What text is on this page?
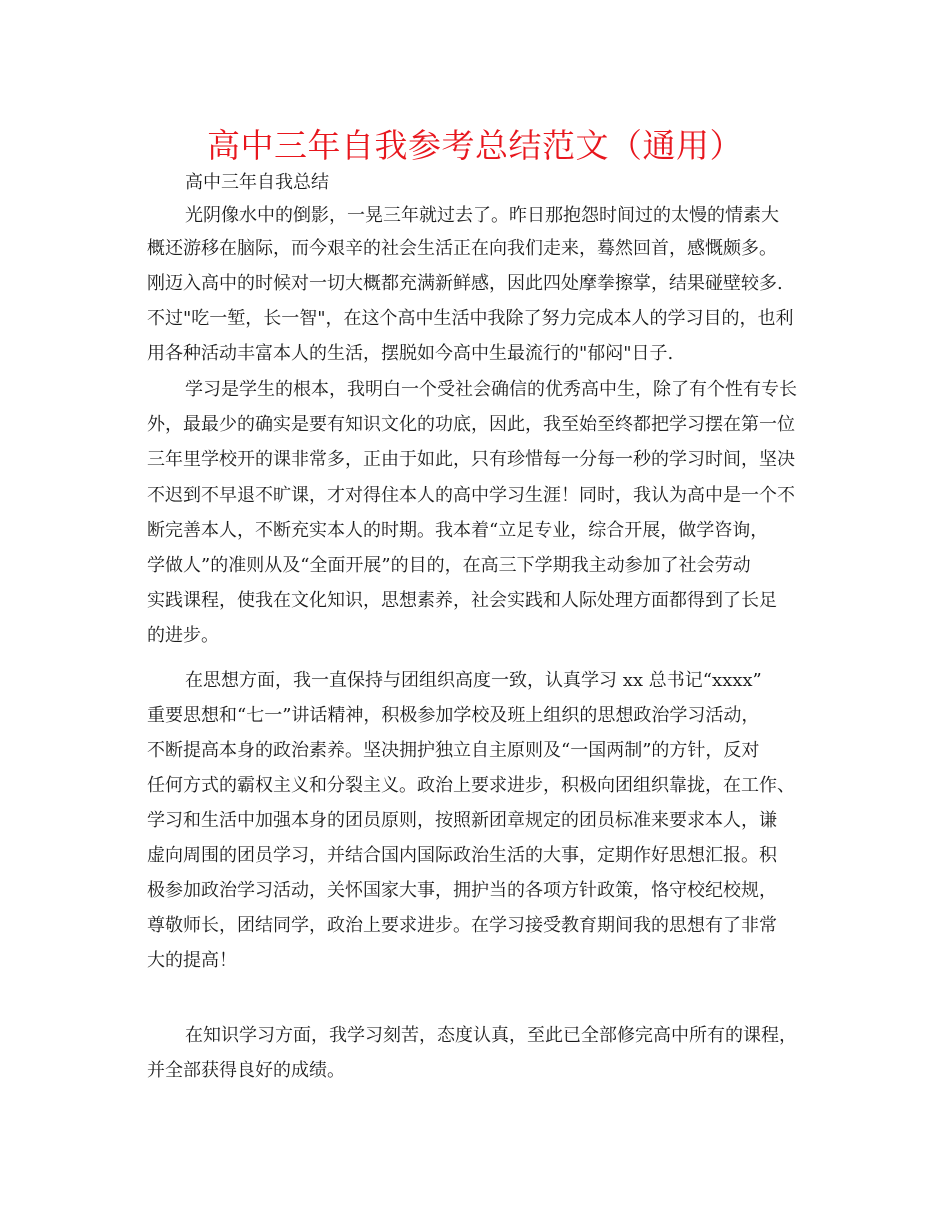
高中三年自我参考总结范文（通用）
高中三年自我总结
光阴像水中的倒影，一晃三年就过去了。昨日那抱怨时间过的太慢的情素大
概还游移在脑际，而今艰辛的社会生活正在向我们走来，蓦然回首，感慨颇多。
刚迈入高中的时候对一切大概都充满新鲜感，因此四处摩拳擦掌，结果碰壁较多.
不过"吃一堑，长一智"，在这个高中生活中我除了努力完成本人的学习目的，也利
用各种活动丰富本人的生活，摆脱如今高中生最流行的"郁闷"日子.
学习是学生的根本，我明白一个受社会确信的优秀高中生，除了有个性有专长
外，最最少的确实是要有知识文化的功底，因此，我至始至终都把学习摆在第一位
三年里学校开的课非常多，正由于如此，只有珍惜每一分每一秒的学习时间，坚决
不迟到不早退不旷课，才对得住本人的高中学习生涯！同时，我认为高中是一个不
断完善本人，不断充实本人的时期。我本着“立足专业，综合开展，做学咨询，
学做人”的准则从及“全面开展”的目的，在高三下学期我主动参加了社会劳动
实践课程，使我在文化知识，思想素养，社会实践和人际处理方面都得到了长足
的进步。
在思想方面，我一直保持与团组织高度一致，认真学习 xx 总书记“xxxx”
重要思想和“七一”讲话精神，积极参加学校及班上组织的思想政治学习活动，
不断提高本身的政治素养。坚决拥护独立自主原则及“一国两制”的方针，反对
任何方式的霸权主义和分裂主义。政治上要求进步，积极向团组织靠拢，在工作、
学习和生活中加强本身的团员原则，按照新团章规定的团员标准来要求本人，谦
虚向周围的团员学习，并结合国内国际政治生活的大事，定期作好思想汇报。积
极参加政治学习活动，关怀国家大事，拥护当的各项方针政策，恪守校纪校规，
尊敬师长，团结同学，政治上要求进步。在学习接受教育期间我的思想有了非常
大的提高！
在知识学习方面，我学习刻苦，态度认真，至此已全部修完高中所有的课程，
并全部获得良好的成绩。
